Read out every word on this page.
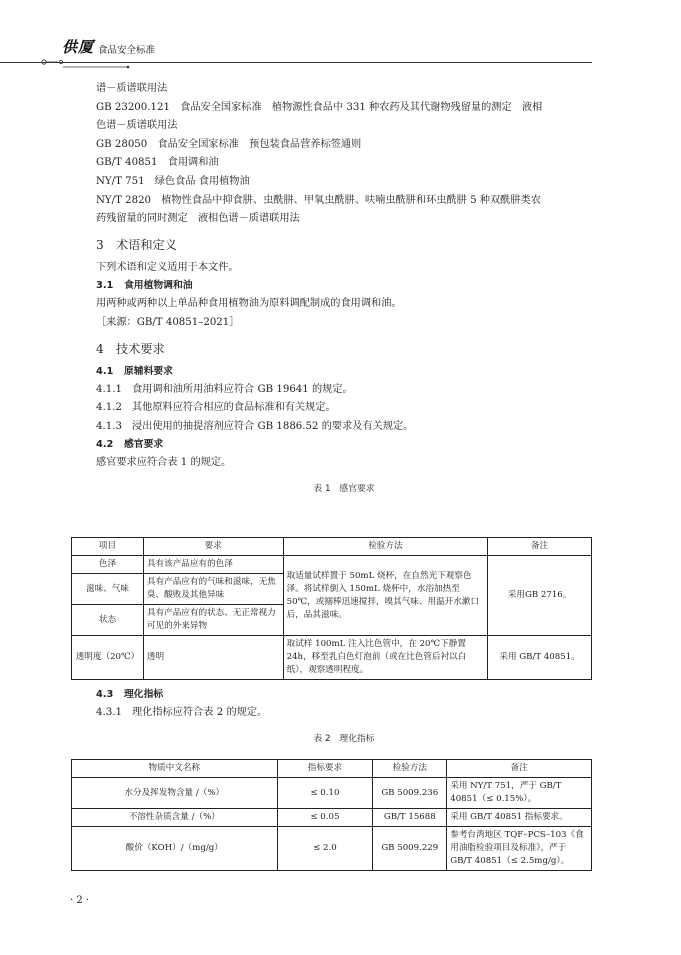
供厦 食品安全标准

谱－质谱联用法

GB 23200.121　食品安全国家标准　植物源性食品中 331 种农药及其代谢物残留量的测定　液相

色谱－质谱联用法

GB 28050　食品安全国家标准　预包装食品营养标签通则

GB/T 40851　食用调和油

NY/T 751　绿色食品 食用植物油

NY/T 2820　植物性食品中抑食肼、虫酰肼、甲氧虫酰肼、呋喃虫酰肼和环虫酰肼 5 种双酰肼类农

药残留量的同时测定　液相色谱－质谱联用法

3 术语和定义

下列术语和定义适用于本文件。

3.1 食用植物调和油

用两种或两种以上单品种食用植物油为原料调配制成的食用调和油。

［来源：GB/T 40851–2021］

4 技术要求
4.1 原辅料要求

4.1.1 食用调和油所用油料应符合 GB 19641 的规定。

4.1.2 其他原料应符合相应的食品标准和有关规定。

4.1.3 浸出使用的抽提溶剂应符合 GB 1886.52 的要求及有关规定。

4.2 感官要求

感官要求应符合表 1 的规定。

表 1　感官要求
项目	要求	检验方法	备注
色泽	具有该产品应有的色泽	取适量试样置于 50mL 烧杯，在自然光下观察色泽。将试样倒入 150mL 烧杯中，水浴加热至 50℃，或搦棒迅速搅拌，嗅其气味、用温开水漱口后，品其滋味。	采用GB 2716。
滋味、气味	具有产品应有的气味和滋味，无焦臭、酸败及其他异味		
状态	具有产品应有的状态、无正常视力可见的外来异物		
透明度（20℃）	透明	取试样 100mL 注入比色管中，在 20℃下静置 24h，移至乳白色灯泡前（或在比色管后衬以白纸），观察透明程度。	采用 GB/T 40851。
4.3 理化指标

4.3.1 理化指标应符合表 2 的规定。

表 2　理化指标
物质中文名称	指标要求	检验方法	备注
水分及挥发物含量 /（%）	≤ 0.10	GB 5009.236	采用 NY/T 751，严于 GB/T 40851（≤ 0.15%）。
不溶性杂质含量 /（%）	≤ 0.05	GB/T 15688	采用 GB/T 40851 指标要求。
酸价（KOH）/（mg/g）	≤ 2.0	GB 5009.229	参考台湾地区 TQF–PCS–103《食用油脂检验项目及标准》，严于 GB/T 40851（≤ 2.5mg/g）。
· 2 ·
